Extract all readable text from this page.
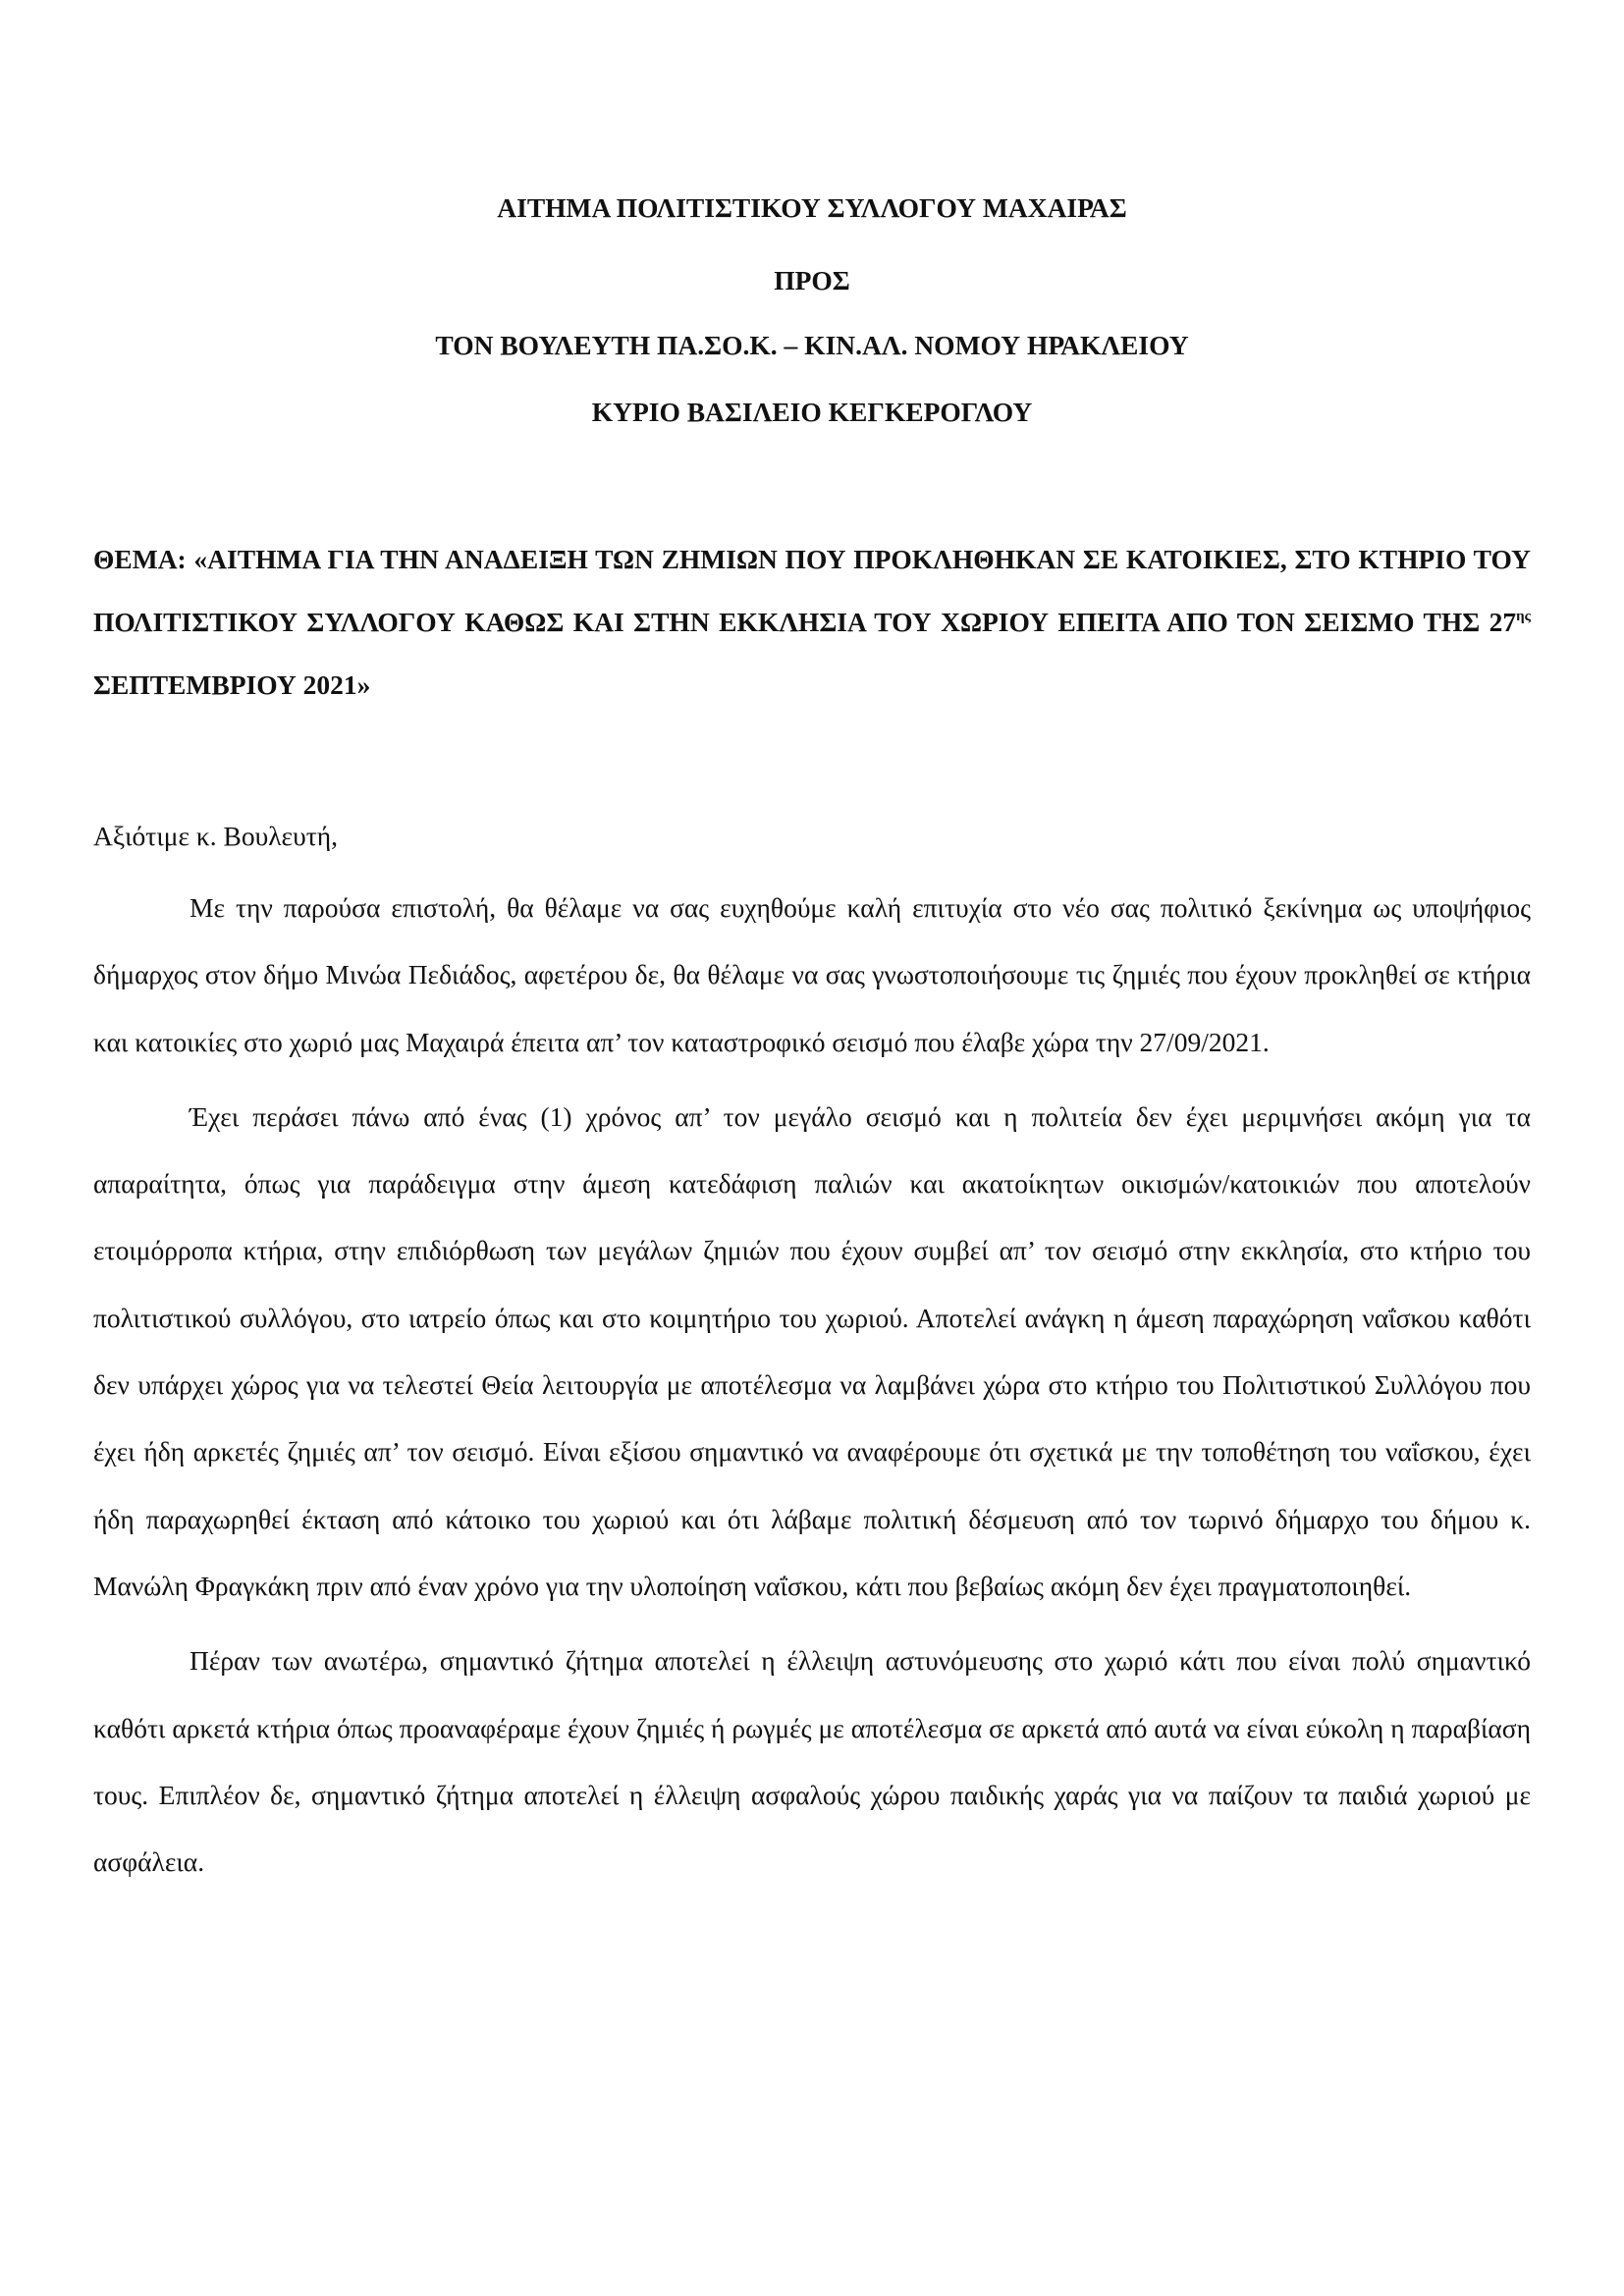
ΑΙΤΗΜΑ ΠΟΛΙΤΙΣΤΙΚΟΥ ΣΥΛΛΟΓΟΥ ΜΑΧΑΙΡΑΣ
ΠΡΟΣ
ΤΟΝ ΒΟΥΛΕΥΤΗ ΠΑ.ΣΟ.Κ. – ΚΙΝ.ΑΛ. ΝΟΜΟΥ ΗΡΑΚΛΕΙΟΥ
ΚΥΡΙΟ ΒΑΣΙΛΕΙΟ ΚΕΓΚΕΡΟΓΛΟΥ
ΘΕΜΑ: «ΑΙΤΗΜΑ ΓΙΑ ΤΗΝ ΑΝΑΔΕΙΞΗ ΤΩΝ ΖΗΜΙΩΝ ΠΟΥ ΠΡΟΚΛΗΘΗΚΑΝ ΣΕ ΚΑΤΟΙΚΙΕΣ, ΣΤΟ ΚΤΗΡΙΟ ΤΟΥ ΠΟΛΙΤΙΣΤΙΚΟΥ ΣΥΛΛΟΓΟΥ ΚΑΘΩΣ ΚΑΙ ΣΤΗΝ ΕΚΚΛΗΣΙΑ ΤΟΥ ΧΩΡΙΟΥ ΕΠΕΙΤΑ ΑΠΟ ΤΟΝ ΣΕΙΣΜΟ ΤΗΣ $27^{\eta\varsigma}$ ΣΕΠΤΕΜΒΡΙΟΥ 2021»
Αξιότιμε κ. Βουλευτή,

Με την παρούσα επιστολή, θα θέλαμε να σας ευχηθούμε καλή επιτυχία στο νέο σας πολιτικό ξεκίνημα ως υποψήφιος δήμαρχος στον δήμο Μινώα Πεδιάδος, αφετέρου δε, θα θέλαμε να σας γνωστοποιήσουμε τις ζημιές που έχουν προκληθεί σε κτήρια και κατοικίες στο χωριό μας Μαχαιρά έπειτα απ’ τον καταστροφικό σεισμό που έλαβε χώρα την 27/09/2021.

Έχει περάσει πάνω από ένας (1) χρόνος απ’ τον μεγάλο σεισμό και η πολιτεία δεν έχει μεριμνήσει ακόμη για τα απαραίτητα, όπως για παράδειγμα στην άμεση κατεδάφιση παλιών και ακατοίκητων οικισμών/κατοικιών που αποτελούν ετοιμόρροπα κτήρια, στην επιδιόρθωση των μεγάλων ζημιών που έχουν συμβεί απ’ τον σεισμό στην εκκλησία, στο κτήριο του πολιτιστικού συλλόγου, στο ιατρείο όπως και στο κοιμητήριο του χωριού. Αποτελεί ανάγκη η άμεση παραχώρηση ναΐσκου καθότι δεν υπάρχει χώρος για να τελεστεί Θεία λειτουργία με αποτέλεσμα να λαμβάνει χώρα στο κτήριο του Πολιτιστικού Συλλόγου που έχει ήδη αρκετές ζημιές απ’ τον σεισμό. Είναι εξίσου σημαντικό να αναφέρουμε ότι σχετικά με την τοποθέτηση του ναΐσκου, έχει ήδη παραχωρηθεί έκταση από κάτοικο του χωριού και ότι λάβαμε πολιτική δέσμευση από τον τωρινό δήμαρχο του δήμου κ. Μανώλη Φραγκάκη πριν από έναν χρόνο για την υλοποίηση ναΐσκου, κάτι που βεβαίως ακόμη δεν έχει πραγματοποιηθεί.

Πέραν των ανωτέρω, σημαντικό ζήτημα αποτελεί η έλλειψη αστυνόμευσης στο χωριό κάτι που είναι πολύ σημαντικό καθότι αρκετά κτήρια όπως προαναφέραμε έχουν ζημιές ή ρωγμές με αποτέλεσμα σε αρκετά από αυτά να είναι εύκολη η παραβίαση τους. Επιπλέον δε, σημαντικό ζήτημα αποτελεί η έλλειψη ασφαλούς χώρου παιδικής χαράς για να παίζουν τα παιδιά χωριού με ασφάλεια.
